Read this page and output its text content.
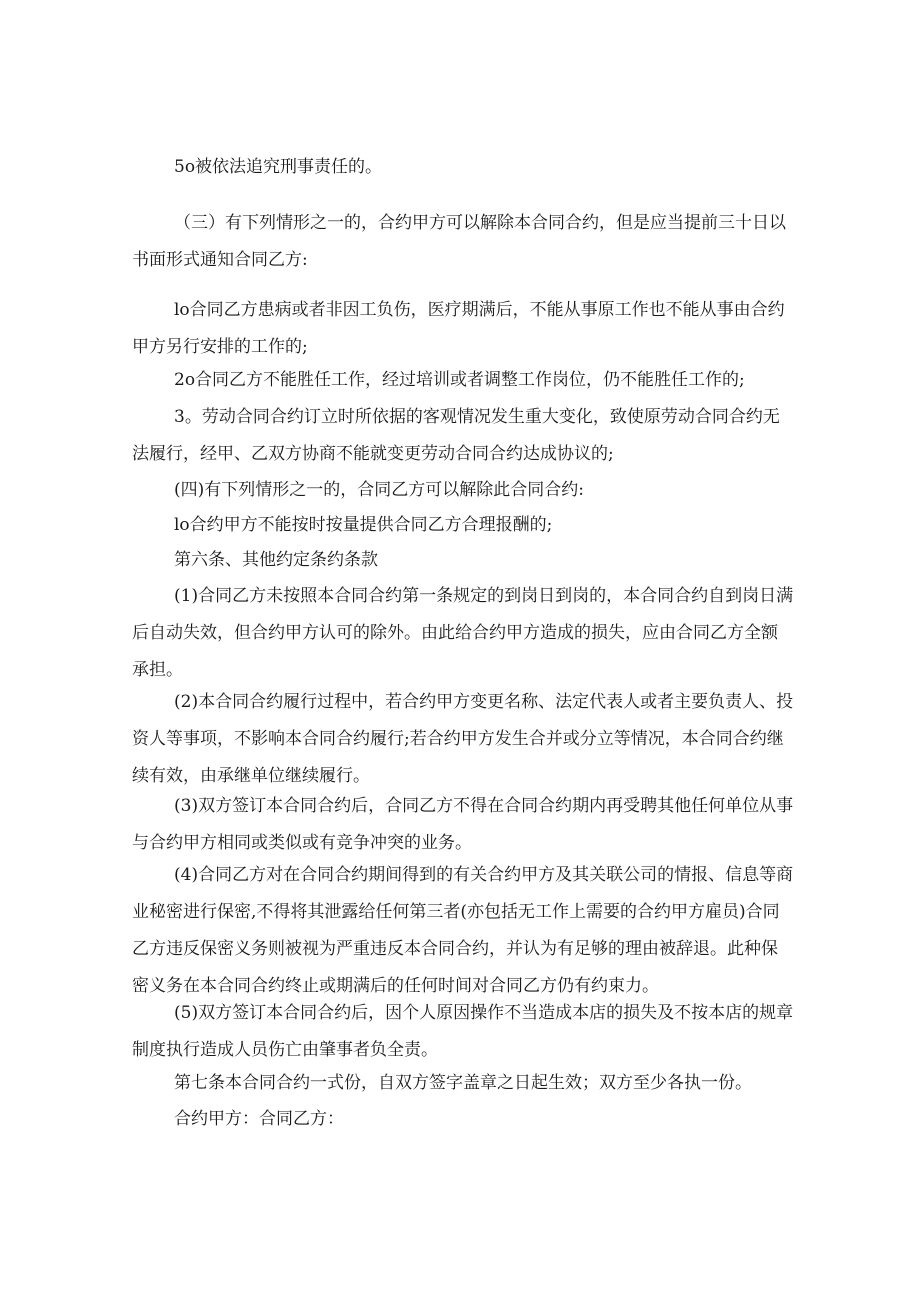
5o被依法追究刑事责任的。

（三）有下列情形之一的，合约甲方可以解除本合同合约，但是应当提前三十日以书面形式通知合同乙方:

lo合同乙方患病或者非因工负伤，医疗期满后，不能从事原工作也不能从事由合约甲方另行安排的工作的;

2o合同乙方不能胜任工作，经过培训或者调整工作岗位，仍不能胜任工作的;

3。劳动合同合约订立时所依据的客观情况发生重大变化，致使原劳动合同合约无法履行，经甲、乙双方协商不能就变更劳动合同合约达成协议的;

(四)有下列情形之一的，合同乙方可以解除此合同合约:

lo合约甲方不能按时按量提供合同乙方合理报酬的;

第六条、其他约定条约条款

(1)合同乙方未按照本合同合约第一条规定的到岗日到岗的，本合同合约自到岗日满后自动失效，但合约甲方认可的除外。由此给合约甲方造成的损失，应由合同乙方全额承担。

(2)本合同合约履行过程中，若合约甲方变更名称、法定代表人或者主要负责人、投资人等事项，不影响本合同合约履行;若合约甲方发生合并或分立等情况，本合同合约继续有效，由承继单位继续履行。

(3)双方签订本合同合约后，合同乙方不得在合同合约期内再受聘其他任何单位从事与合约甲方相同或类似或有竞争冲突的业务。

(4)合同乙方对在合同合约期间得到的有关合约甲方及其关联公司的情报、信息等商业秘密进行保密,不得将其泄露给任何第三者(亦包括无工作上需要的合约甲方雇员)合同乙方违反保密义务则被视为严重违反本合同合约，并认为有足够的理由被辞退。此种保密义务在本合同合约终止或期满后的任何时间对合同乙方仍有约束力。

(5)双方签订本合同合约后，因个人原因操作不当造成本店的损失及不按本店的规章制度执行造成人员伤亡由肇事者负全责。

第七条本合同合约一式份，自双方签字盖章之日起生效；双方至少各执一份。

合约甲方：合同乙方：
